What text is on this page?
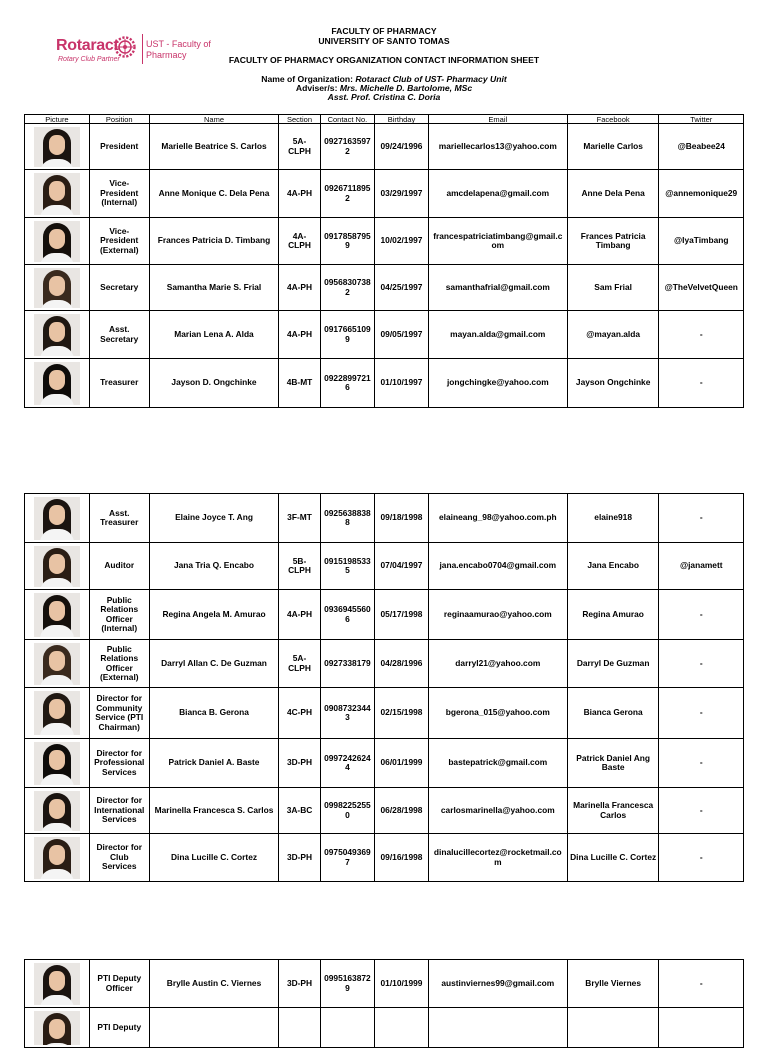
Rotaract
Rotary Club Partner
UST - Faculty of Pharmacy
FACULTY OF PHARMACY
UNIVERSITY OF SANTO TOMAS
FACULTY OF PHARMACY ORGANIZATION CONTACT INFORMATION SHEET
Name of Organization: Rotaract Club of UST- Pharmacy Unit
Adviser/s: Mrs. Michelle D. Bartolome, MSc
Asst. Prof. Cristina C. Doria
Picture	Position	Name	Section	Contact No.	Birthday	Email	Facebook	Twitter

	President	Marielle Beatrice S. Carlos	5A-CLPH	09271635972	09/24/1996	mariellecarlos13@yahoo.com	Marielle Carlos	@Beabee24

	Vice-President (Internal)	Anne Monique C. Dela Pena	4A-PH	09267118952	03/29/1997	amcdelapena@gmail.com	Anne Dela Pena	@annemonique29

	Vice-President (External)	Frances Patricia D. Timbang	4A-CLPH	09178587959	10/02/1997	francespatriciatimbang@gmail.com	Frances Patricia Timbang	@IyaTimbang

	Secretary	Samantha Marie S. Frial	4A-PH	09568307382	04/25/1997	samanthafrial@gmail.com	Sam Frial	@TheVelvetQueen

	Asst. Secretary	Marian Lena A. Alda	4A-PH	09176651099	09/05/1997	mayan.alda@gmail.com	@mayan.alda	-

	Treasurer	Jayson D. Ongchinke	4B-MT	09228997216	01/10/1997	jongchingke@yahoo.com	Jayson Ongchinke	-
	Asst. Treasurer	Elaine Joyce T. Ang	3F-MT	09256388388	09/18/1998	elaineang_98@yahoo.com.ph	elaine918	-

	Auditor	Jana Tria Q. Encabo	5B-CLPH	09151985335	07/04/1997	jana.encabo0704@gmail.com	Jana Encabo	@janamett

	Public Relations Officer (Internal)	Regina Angela M. Amurao	4A-PH	09369455606	05/17/1998	reginaamurao@yahoo.com	Regina Amurao	-

	Public Relations Officer (External)	Darryl Allan C. De Guzman	5A-CLPH	0927338179	04/28/1996	darryl21@yahoo.com	Darryl De Guzman	-

	Director for Community Service (PTI Chairman)	Bianca B. Gerona	4C-PH	09087323443	02/15/1998	bgerona_015@yahoo.com	Bianca Gerona	-

	Director for Professional Services	Patrick Daniel A. Baste	3D-PH	09972426244	06/01/1999	bastepatrick@gmail.com	Patrick Daniel Ang Baste	-

	Director for International Services	Marinella Francesca S. Carlos	3A-BC	09982252550	06/28/1998	carlosmarinella@yahoo.com	Marinella Francesca Carlos	-

	Director for Club Services	Dina Lucille C. Cortez	3D-PH	09750493697	09/16/1998	dinalucillecortez@rocketmail.com	Dina Lucille C. Cortez	-
	PTI Deputy Officer	Brylle Austin C. Viernes	3D-PH	09951638729	01/10/1999	austinviernes99@gmail.com	Brylle Viernes	-

	PTI Deputy							
